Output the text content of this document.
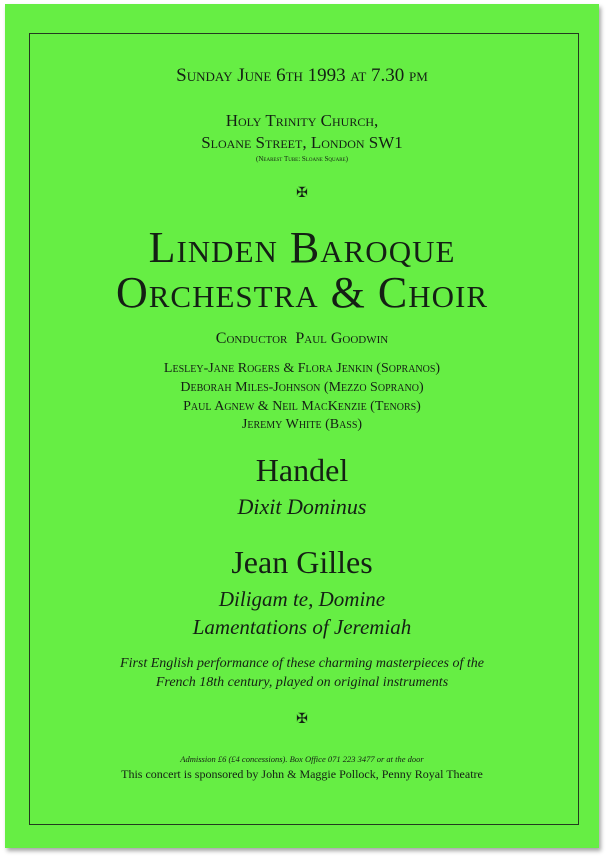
Sunday June 6th 1993 at 7.30 pm
Holy Trinity Church,
Sloane Street, London SW1
(Nearest Tube: Sloane Square)
✠
Linden Baroque
Orchestra & Choir
Conductor  Paul Goodwin
Lesley-Jane Rogers & Flora Jenkin (Sopranos)
Deborah Miles-Johnson (Mezzo Soprano)
Paul Agnew & Neil MacKenzie (Tenors)
Jeremy White (Bass)
Handel
Dixit Dominus
Jean Gilles
Diligam te, Domine
Lamentations of Jeremiah
First English performance of these charming masterpieces of the
French 18th century, played on original instruments
✠
Admission £6 (£4 concessions). Box Office 071 223 3477 or at the door
This concert is sponsored by John & Maggie Pollock, Penny Royal Theatre
